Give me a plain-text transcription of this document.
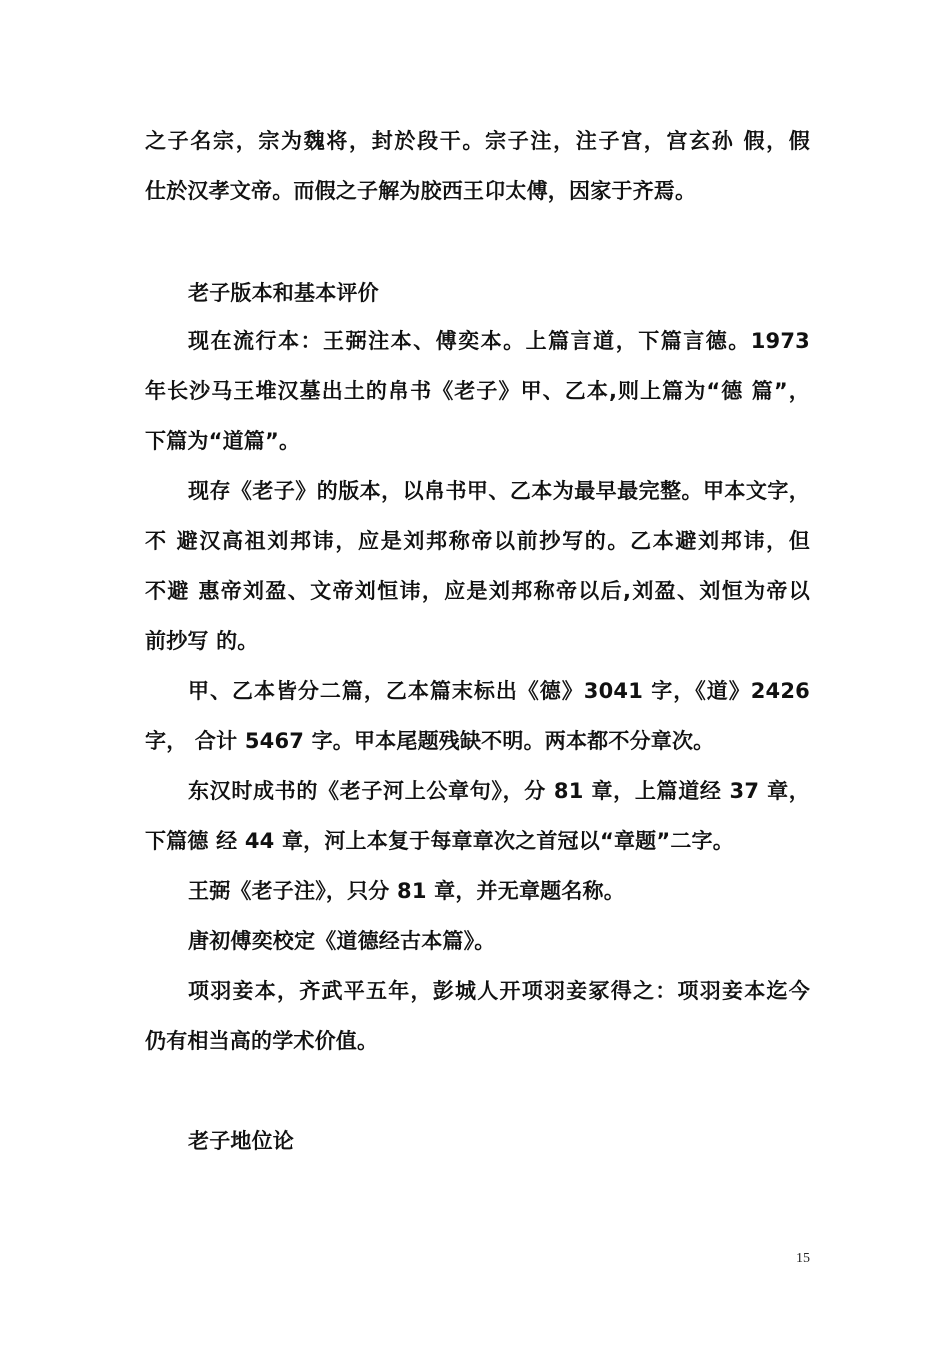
之子名宗，宗为魏将，封於段干。宗子注，注子宫，宫玄孙 假，假
仕於汉孝文帝。而假之子解为胶西王卬太傅，因家于齐焉。
老子版本和基本评价
现在流行本：王弼注本、傅奕本。上篇言道，下篇言德。1973
年长沙马王堆汉墓出土的帛书《老子》甲、乙本,则上篇为“德 篇”，
下篇为“道篇”。
现存《老子》的版本，以帛书甲、乙本为最早最完整。甲本文字，
不 避汉高祖刘邦讳，应是刘邦称帝以前抄写的。乙本避刘邦讳，但
不避 惠帝刘盈、文帝刘恒讳，应是刘邦称帝以后,刘盈、刘恒为帝以
前抄写 的。
甲、乙本皆分二篇，乙本篇末标出《德》3041 字，《道》2426
字， 合计 5467 字。甲本尾题残缺不明。两本都不分章次。
东汉时成书的《老子河上公章句》，分 81 章，上篇道经 37 章，
下篇德 经 44 章，河上本复于每章章次之首冠以“章题”二字。
王弼《老子注》，只分 81 章，并无章题名称。
唐初傅奕校定《道德经古本篇》。
项羽妾本，齐武平五年，彭城人开项羽妾冢得之：项羽妾本迄今
仍有相当高的学术价值。
老子地位论
15
